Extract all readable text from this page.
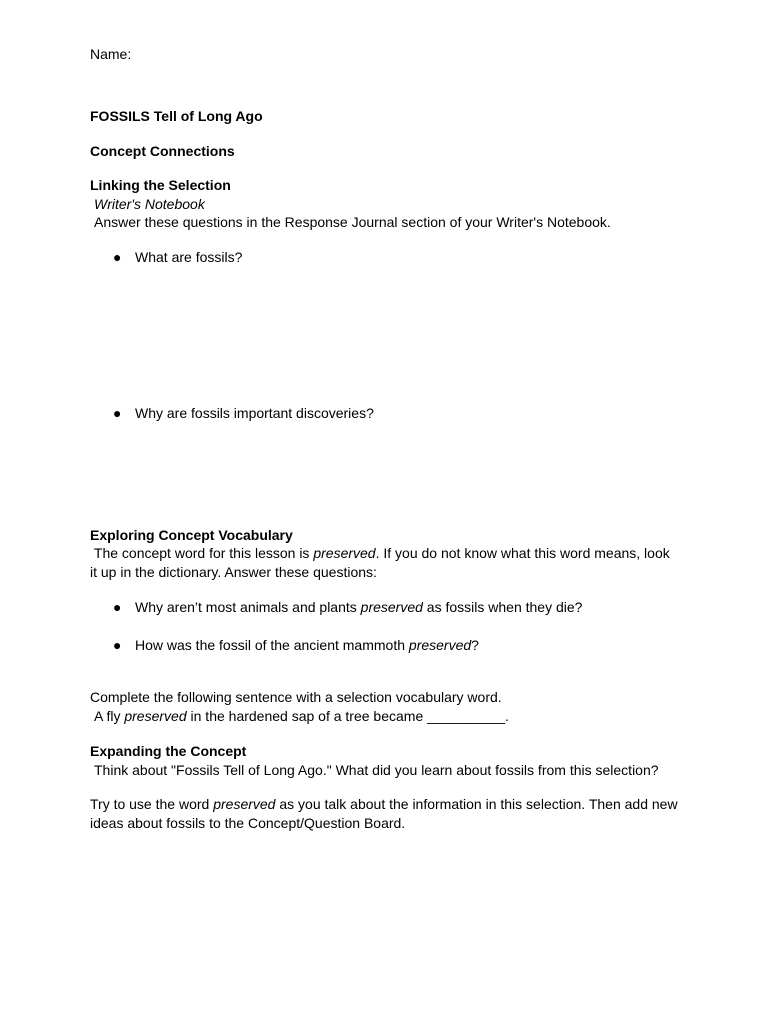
Name:

FOSSILS Tell of Long Ago

Concept Connections

Linking the Selection

Writer's Notebook

Answer these questions in the Response Journal section of your Writer's Notebook.

● What are fossils?

● Why are fossils important discoveries?

Exploring Concept Vocabulary

The concept word for this lesson is preserved. If you do not know what this word means, look it up in the dictionary. Answer these questions:

● Why aren’t most animals and plants preserved as fossils when they die?

● How was the fossil of the ancient mammoth preserved?

Complete the following sentence with a selection vocabulary word.

A fly preserved in the hardened sap of a tree became __________.

Expanding the Concept

Think about "Fossils Tell of Long Ago." What did you learn about fossils from this selection?

Try to use the word preserved as you talk about the information in this selection. Then add new ideas about fossils to the Concept/Question Board.
